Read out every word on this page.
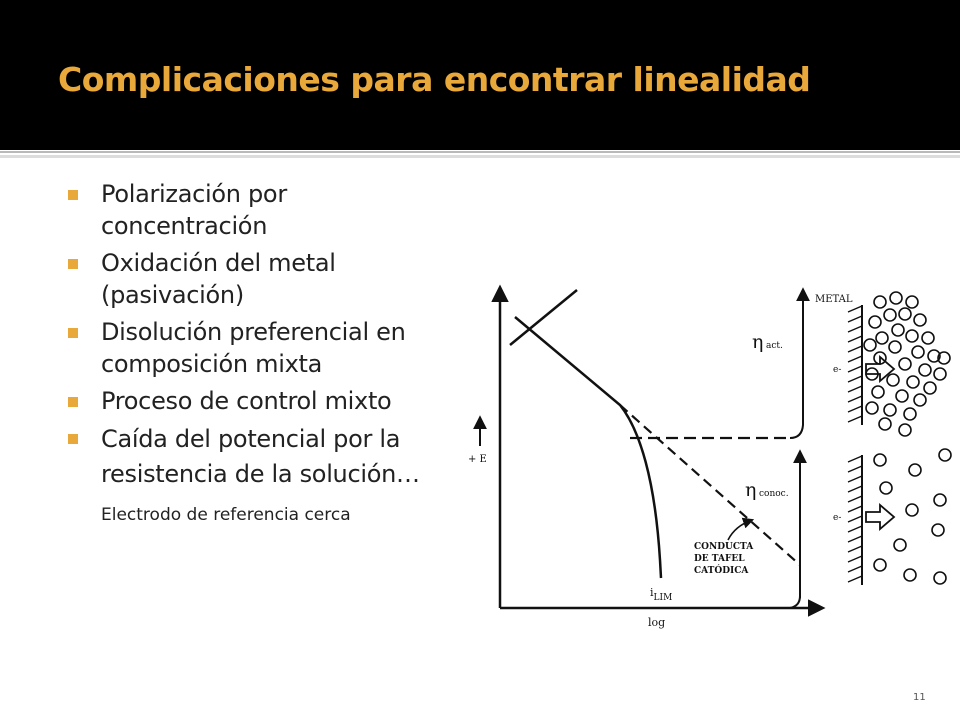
Complicaciones para encontrar linealidad
Polarización por concentración
Oxidación del metal (pasivación)
Disolución preferencial en composición mixta
Proceso de control mixto
Caída del potencial por la resistencia de la solución… Electrodo de referencia cerca
+ E
log
η act.
η conoc.
$i_{LIM}$
CONDUCTA
DE TAFEL
CATÓDICA
METAL
e-
e-
11
